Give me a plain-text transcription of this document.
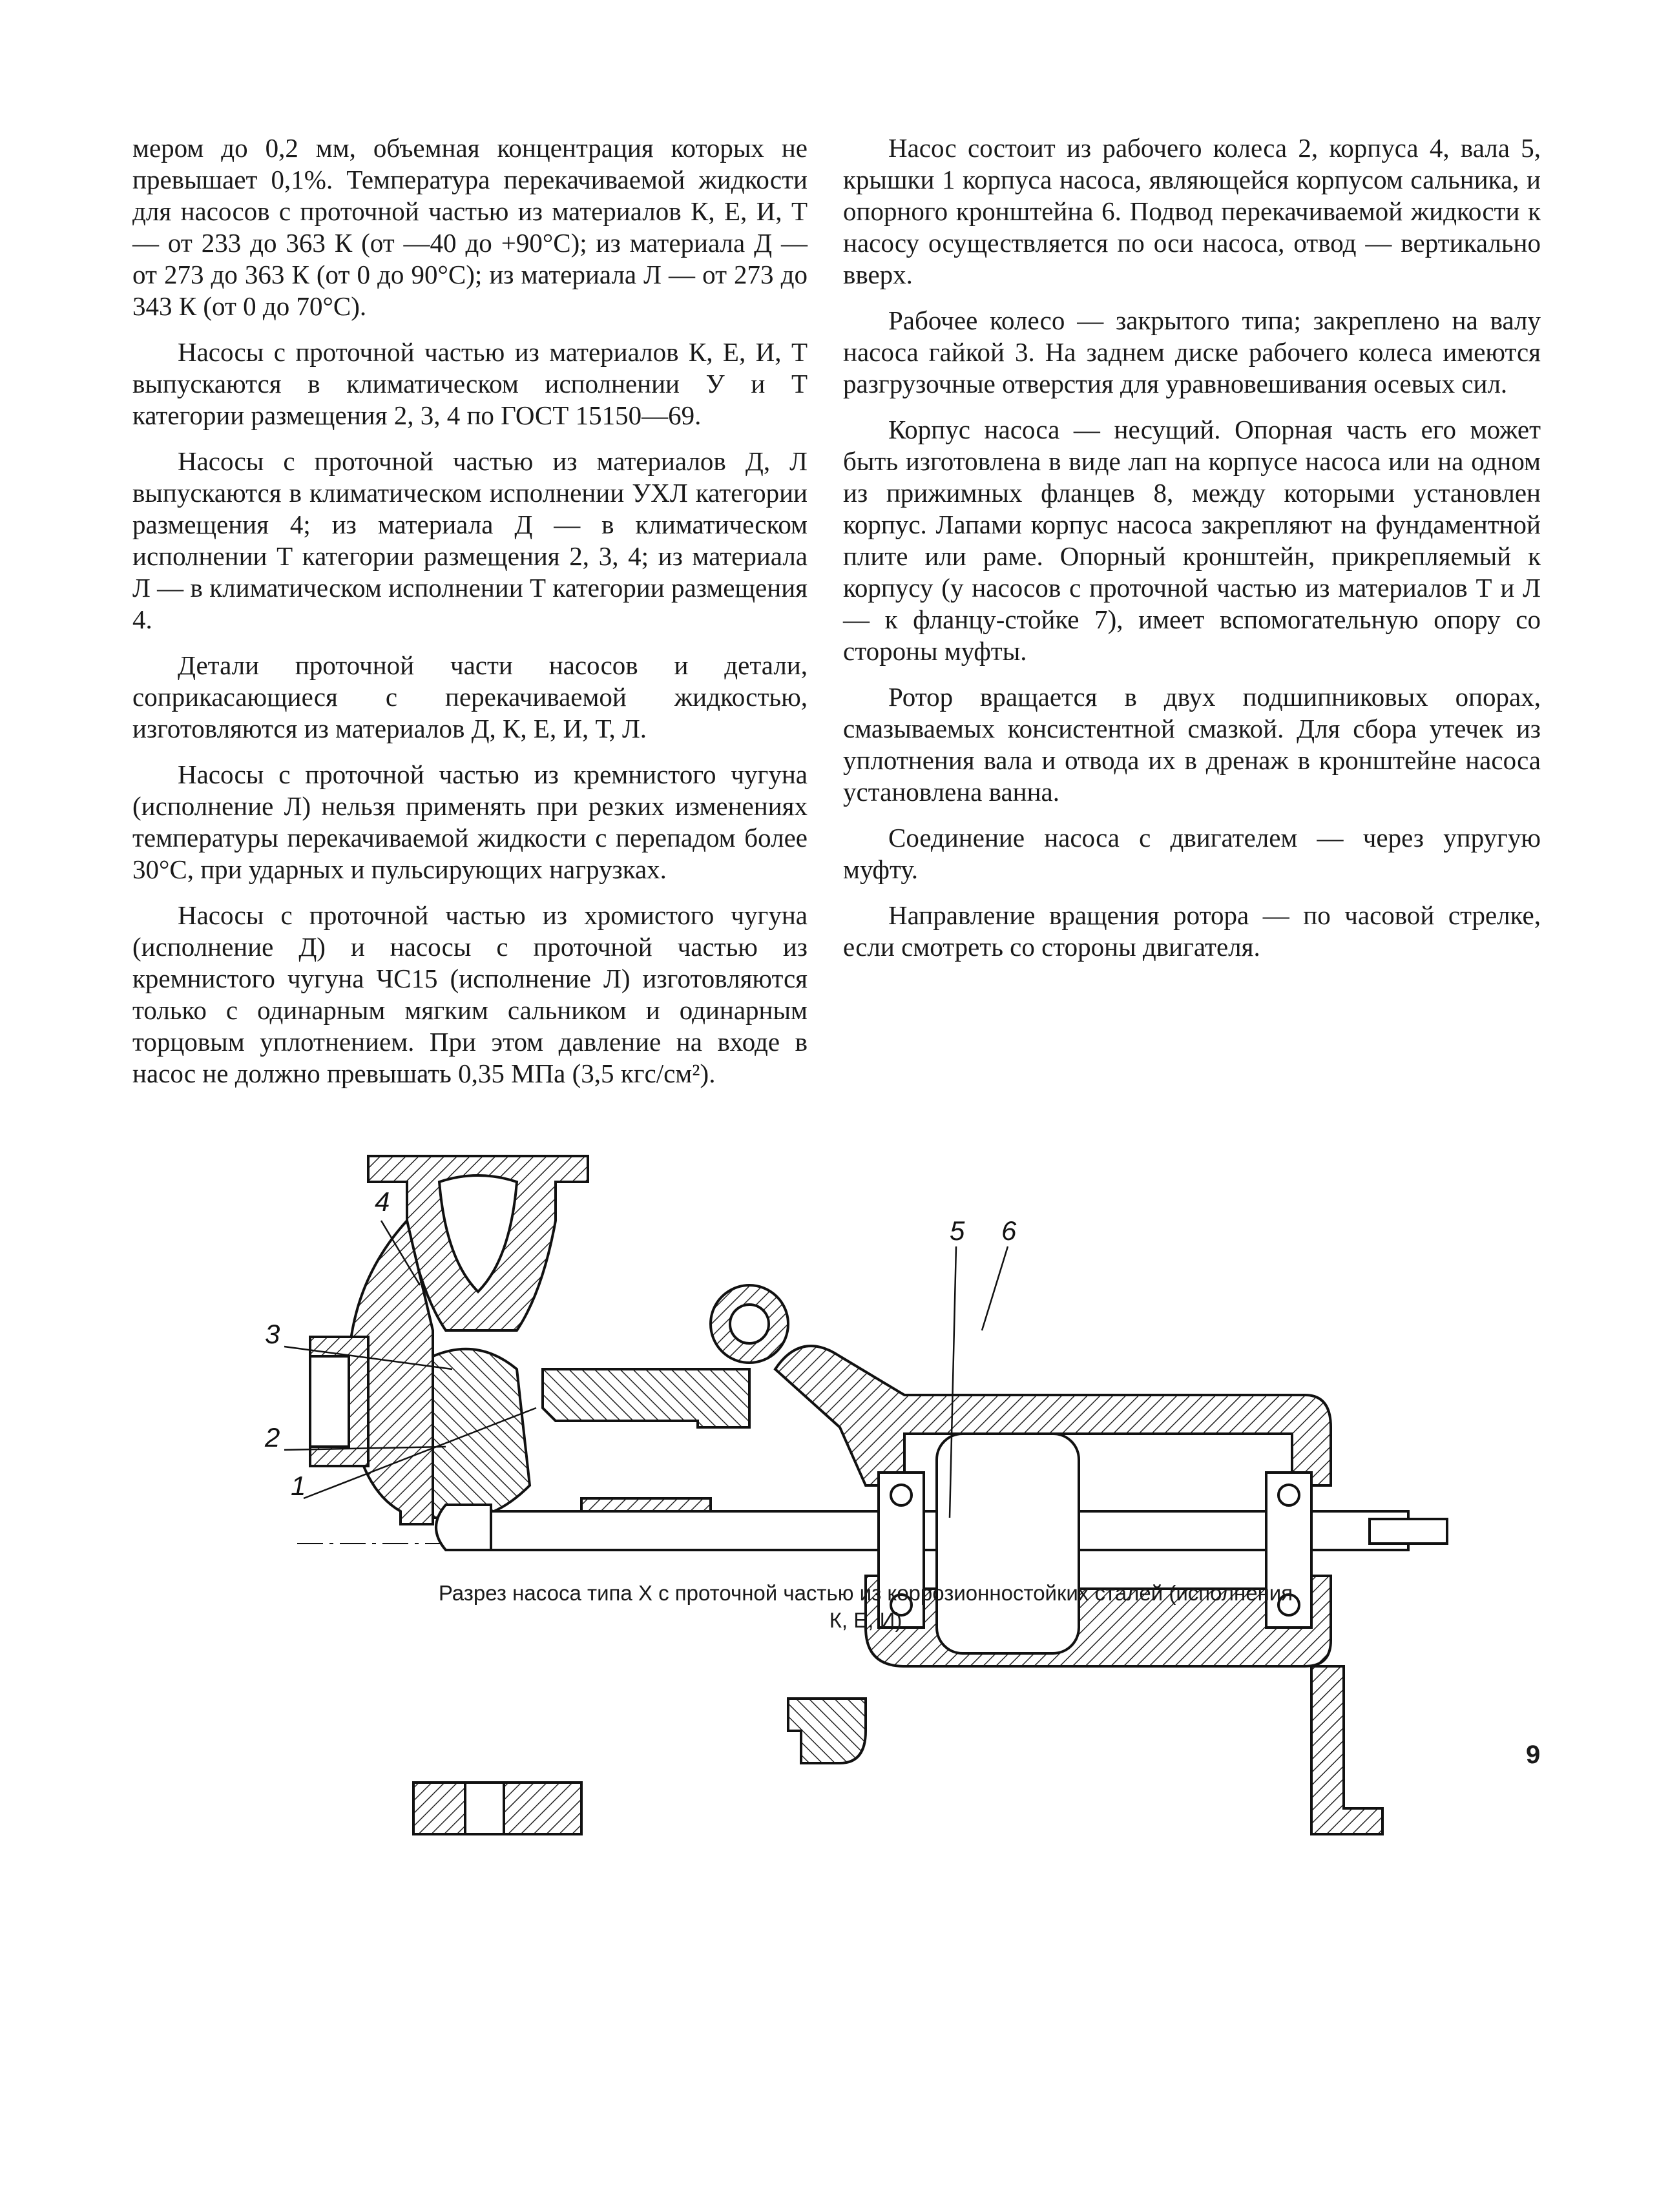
мером до 0,2 мм, объемная концентрация которых не превышает 0,1%. Температура перекачиваемой жидкости для насосов с проточной частью из материалов К, Е, И, Т — от 233 до 363 К (от —40 до +90°С); из материала Д — от 273 до 363 К (от 0 до 90°С); из материала Л — от 273 до 343 К (от 0 до 70°С).

Насосы с проточной частью из материалов К, Е, И, Т выпускаются в климатическом исполнении У и Т категории размещения 2, 3, 4 по ГОСТ 15150—69.

Насосы с проточной частью из материалов Д, Л выпускаются в климатическом исполнении УХЛ категории размещения 4; из материала Д — в климатическом исполнении Т категории размещения 2, 3, 4; из материала Л — в климатическом исполнении Т категории размещения 4.

Детали проточной части насосов и детали, соприкасающиеся с перекачиваемой жидкостью, изготовляются из материалов Д, К, Е, И, Т, Л.

Насосы с проточной частью из кремнистого чугуна (исполнение Л) нельзя применять при резких изменениях температуры перекачиваемой жидкости с перепадом более 30°С, при ударных и пульсирующих нагрузках.

Насосы с проточной частью из хромистого чугуна (исполнение Д) и насосы с проточной частью из кремнистого чугуна ЧС15 (исполнение Л) изготовляются только с одинарным мягким сальником и одинарным торцовым уплотнением. При этом давление на входе в насос не должно превышать 0,35 МПа (3,5 кгс/см²).

Насос состоит из рабочего колеса 2, корпуса 4, вала 5, крышки 1 корпуса насоса, являющейся корпусом сальника, и опорного кронштейна 6. Подвод перекачиваемой жидкости к насосу осуществляется по оси насоса, отвод — вертикально вверх.

Рабочее колесо — закрытого типа; закреплено на валу насоса гайкой 3. На заднем диске рабочего колеса имеются разгрузочные отверстия для уравновешивания осевых сил.

Корпус насоса — несущий. Опорная часть его может быть изготовлена в виде лап на корпусе насоса или на одном из прижимных фланцев 8, между которыми установлен корпус. Лапами корпус насоса закрепляют на фундаментной плите или раме. Опорный кронштейн, прикрепляемый к корпусу (у насосов с проточной частью из материалов Т и Л — к фланцу-стойке 7), имеет вспомогательную опору со стороны муфты.

Ротор вращается в двух подшипниковых опорах, смазываемых консистентной смазкой. Для сбора утечек из уплотнения вала и отвода их в дренаж в кронштейне насоса установлена ванна.

Соединение насоса с двигателем — через упругую муфту.

Направление вращения ротора — по часовой стрелке, если смотреть со стороны двигателя.

4
3
2
1
5 6
Разрез насоса типа Х с проточной частью из коррозионностойких сталей (исполнения
К, Е, И)
9
